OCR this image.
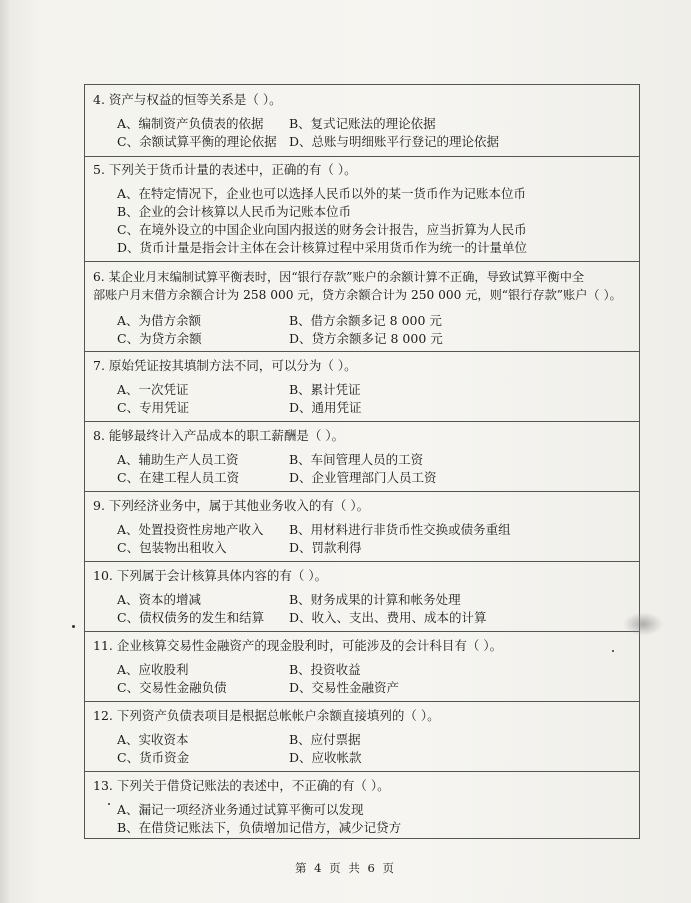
4. 资产与权益的恒等关系是（ ）。
A、编制资产负债表的依据 B、复式记账法的理论依据
C、余额试算平衡的理论依据 D、总账与明细账平行登记的理论依据
5. 下列关于货币计量的表述中，正确的有（ ）。
A、在特定情况下，企业也可以选择人民币以外的某一货币作为记账本位币
B、企业的会计核算以人民币为记账本位币
C、在境外设立的中国企业向国内报送的财务会计报告，应当折算为人民币
D、货币计量是指会计主体在会计核算过程中采用货币作为统一的计量单位
6. 某企业月末编制试算平衡表时，因“银行存款”账户的余额计算不正确，导致试算平衡中全
部账户月末借方余额合计为 258 000 元，贷方余额合计为 250 000 元，则“银行存款”账户（ ）。
A、为借方余额	B、借方余额多记 8 000 元
C、为贷方余额	D、贷方余额多记 8 000 元
7. 原始凭证按其填制方法不同，可以分为（ ）。
A、一次凭证	B、累计凭证
C、专用凭证	D、通用凭证
8. 能够最终计入产品成本的职工薪酬是（ ）。
A、辅助生产人员工资	B、车间管理人员的工资
C、在建工程人员工资	D、企业管理部门人员工资
9. 下列经济业务中，属于其他业务收入的有（ ）。
A、处置投资性房地产收入 B、用材料进行非货币性交换或债务重组
C、包装物出租收入	D、罚款利得
10. 下列属于会计核算具体内容的有（ ）。
A、资本的增减	B、财务成果的计算和帐务处理
C、债权债务的发生和结算 D、收入、支出、费用、成本的计算
11. 企业核算交易性金融资产的现金股利时，可能涉及的会计科目有（ ）。
A、应收股利	B、投资收益
C、交易性金融负债	D、交易性金融资产
12. 下列资产负债表项目是根据总帐帐户余额直接填列的（ ）。
A、实收资本	B、应付票据
C、货币资金	D、应收帐款
13. 下列关于借贷记账法的表述中，不正确的有（ ）。
A、漏记一项经济业务通过试算平衡可以发现
B、在借贷记账法下，负债增加记借方，减少记贷方
第 4 页 共 6 页
